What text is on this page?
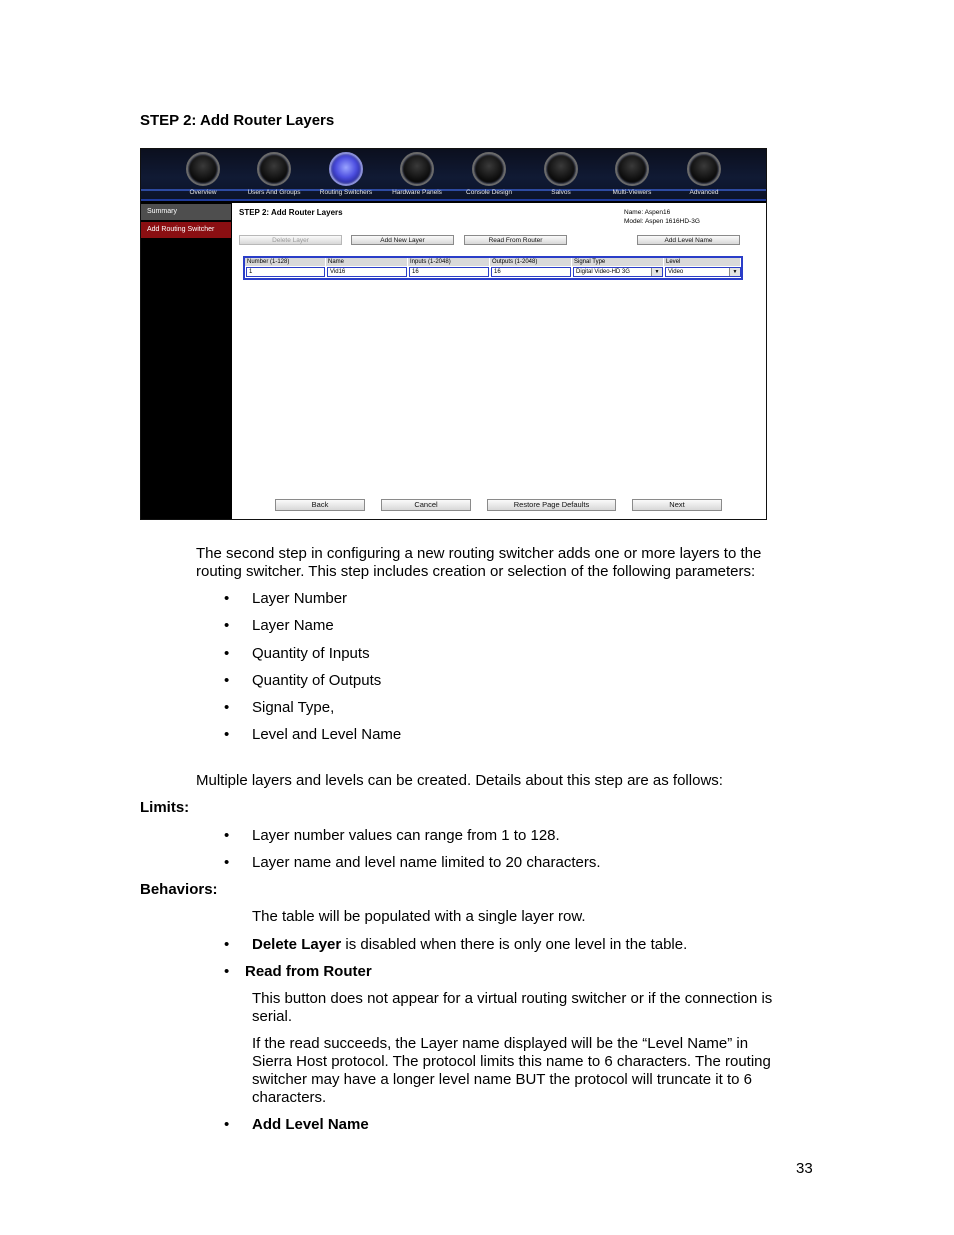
STEP 2: Add Router Layers
Overview	Users And Groups	Routing Switchers	Hardware Panels	Console Design	Salvos	Multi-Viewers	Advanced
Summary
Add Routing Switcher
STEP 2: Add Router Layers	Name: Aspen16
Model: Aspen 1616HD-3G
Delete Layer	Add New Layer	Read From Router	Add Level Name
Number (1-128)	Name	Inputs (1-2048)	Outputs (1-2048)	Signal Type	Level
1	Vid16	16	16	Digital Video-HD 3G	▼	Video	▼
Back	Cancel	Restore Page Defaults	Next
The second step in configuring a new routing switcher adds one or more layers to the
routing switcher. This step includes creation or selection of the following parameters:
• Layer Number
• Layer Name
• Quantity of Inputs
• Quantity of Outputs
• Signal Type,
• Level and Level Name
Multiple layers and levels can be created. Details about this step are as follows:
Limits:
• Layer number values can range from 1 to 128.
• Layer name and level name limited to 20 characters.
Behaviors:
The table will be populated with a single layer row.
• Delete Layer is disabled when there is only one level in the table.
• Read from Router
This button does not appear for a virtual routing switcher or if the connection is
serial.
If the read succeeds, the Layer name displayed will be the “Level Name” in
Sierra Host protocol. The protocol limits this name to 6 characters. The routing
switcher may have a longer level name BUT the protocol will truncate it to 6
characters.
• Add Level Name
33
